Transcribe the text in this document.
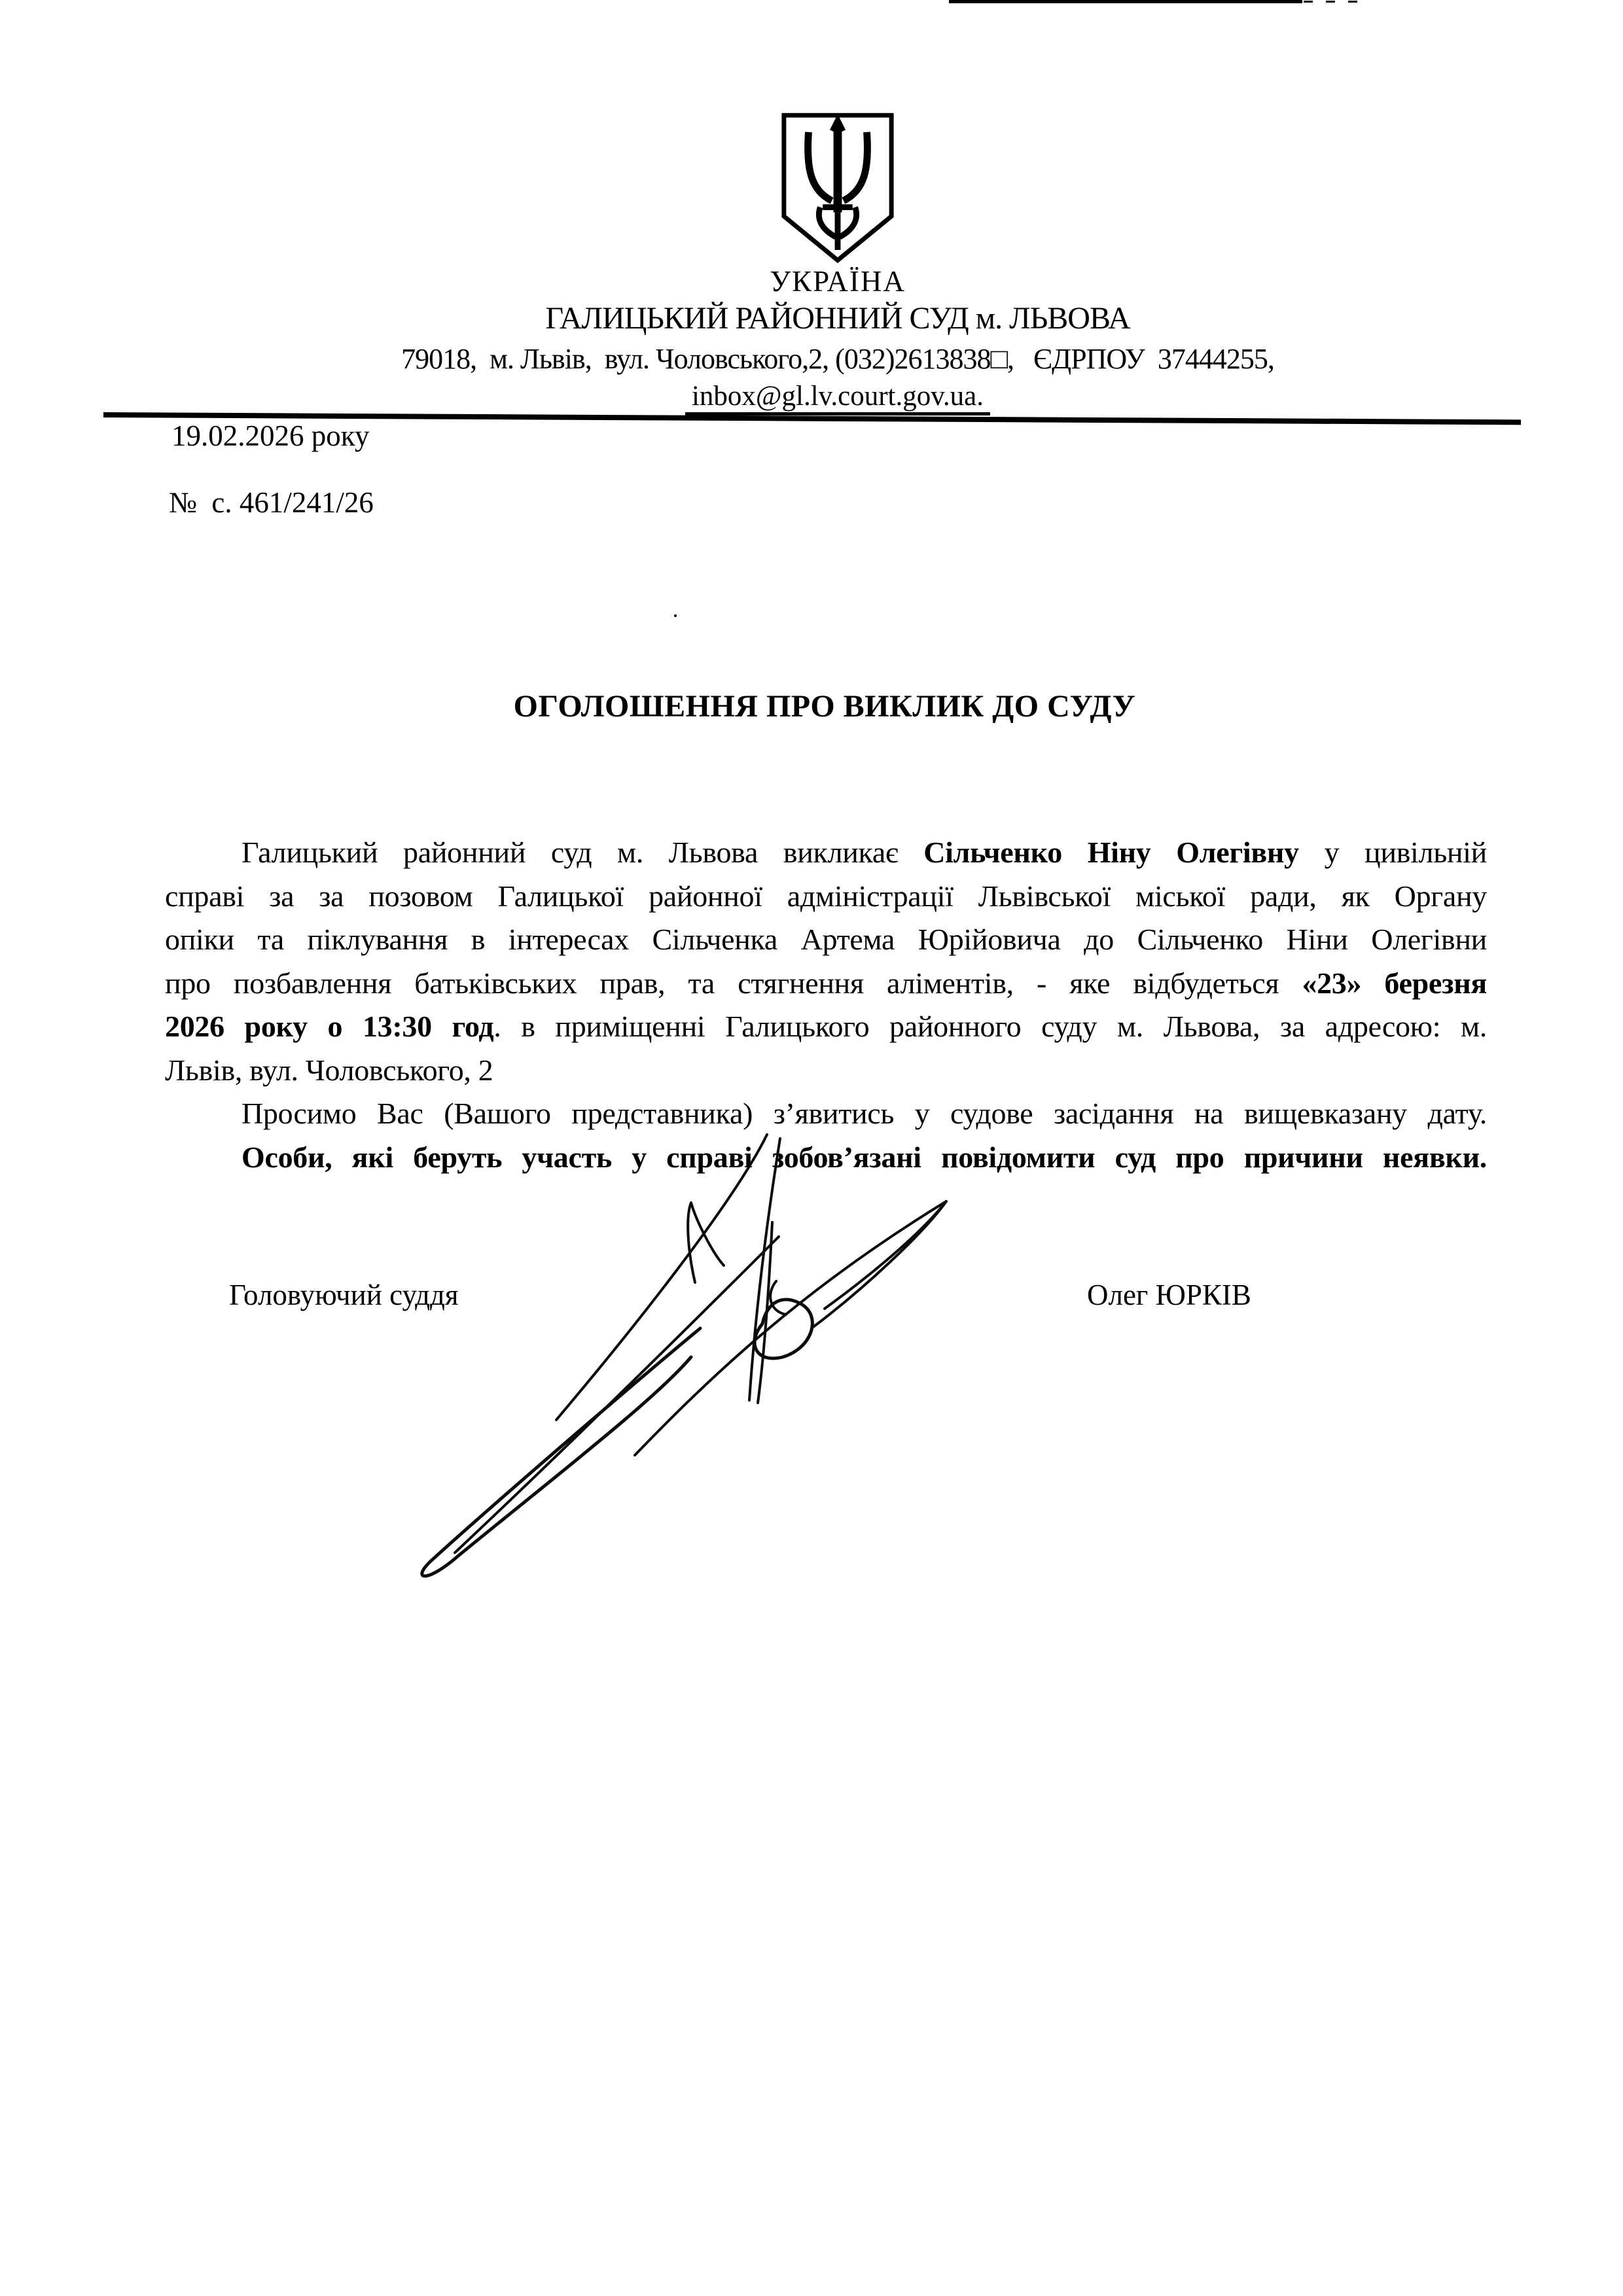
УКРАЇНА
ГАЛИЦЬКИЙ РАЙОННИЙ СУД м. ЛЬВОВА
79018,  м. Львів,  вул. Чоловського,2, (032)2613838□,   ЄДРПОУ  37444255,
inbox@gl.lv.court.gov.ua.
19.02.2026 року
№  с. 461/241/26
ОГОЛОШЕННЯ ПРО ВИКЛИК ДО СУДУ
Галицький районний суд м. Львова викликає Сільченко Ніну Олегівну у цивільній
справі за за позовом Галицької районної адміністрації Львівської міської ради, як Органу
опіки та піклування в інтересах Сільченка Артема Юрійовича до Сільченко Ніни Олегівни
про позбавлення батьківських прав, та стягнення аліментів, - яке відбудеться «23» березня
2026 року о 13:30 год. в приміщенні Галицького районного суду м. Львова, за адресою: м.
Львів, вул. Чоловського, 2
Просимо Вас (Вашого представника) з’явитись у судове засідання на вищевказану дату.
Особи, які беруть участь у справі зобов’язані повідомити суд про причини неявки.
Головуючий суддя	Олег ЮРКІВ
